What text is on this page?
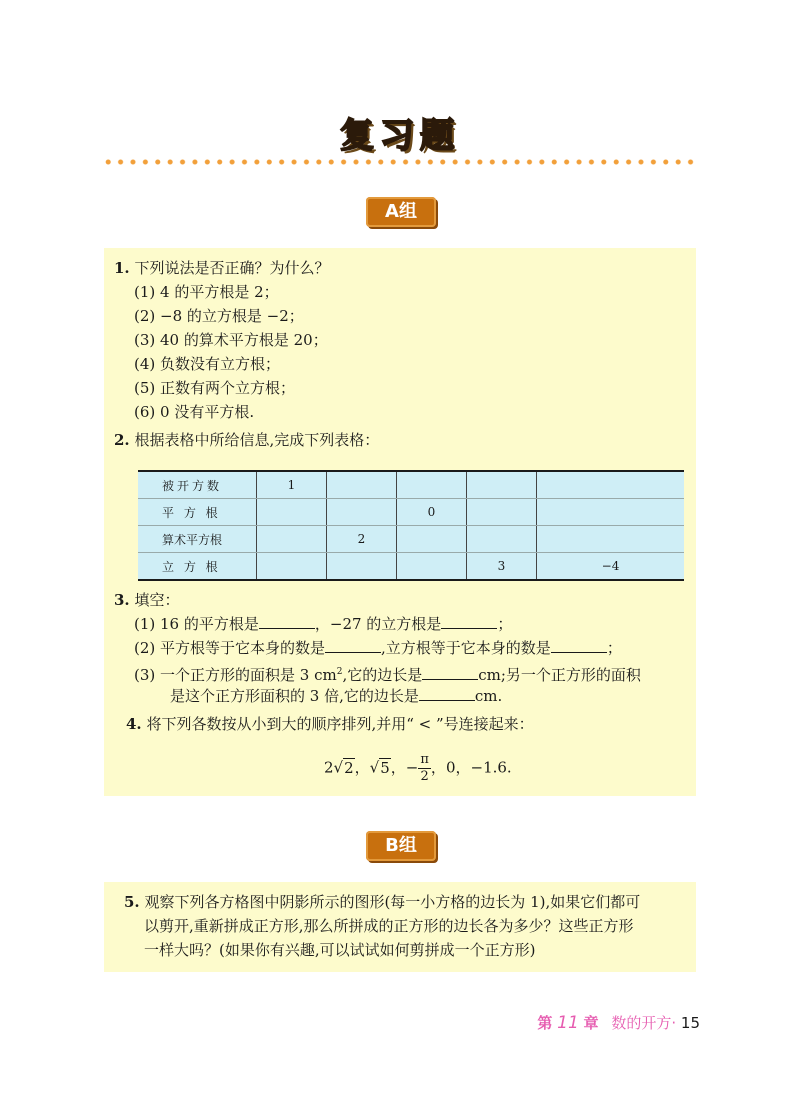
复习题
A组
1. 下列说法是否正确？为什么？
(1) 4 的平方根是 2；
(2) −8 的立方根是 −2；
(3) 40 的算术平方根是 20；
(4) 负数没有立方根；
(5) 正数有两个立方根；
(6) 0 没有平方根.
2. 根据表格中所给信息,完成下列表格：
被开方数	1				
平 方 根			0		
算术平方根		2			
立 方 根				3	−4
3. 填空：
(1) 16 的平方根是	，−27 的立方根是	；
(2) 平方根等于它本身的数是	,立方根等于它本身的数是	；
(3) 一个正方形的面积是 3 $cm^2$,它的边长是	cm;另一个正方形的面积
是这个正方形面积的 3 倍,它的边长是	cm.
4. 将下列各数按从小到大的顺序排列,并用“ < ”号连接起来：
2√2，√5，− $\frac{\pi}{2}$ ，0，−1.6.
B组
5. 观察下列各方格图中阴影所示的图形(每一小方格的边长为 1),如果它们都可
以剪开,重新拼成正方形,那么所拼成的正方形的边长各为多少？这些正方形
一样大吗？(如果你有兴趣,可以试试如何剪拼成一个正方形)
第 11 章 数的开方· 15
